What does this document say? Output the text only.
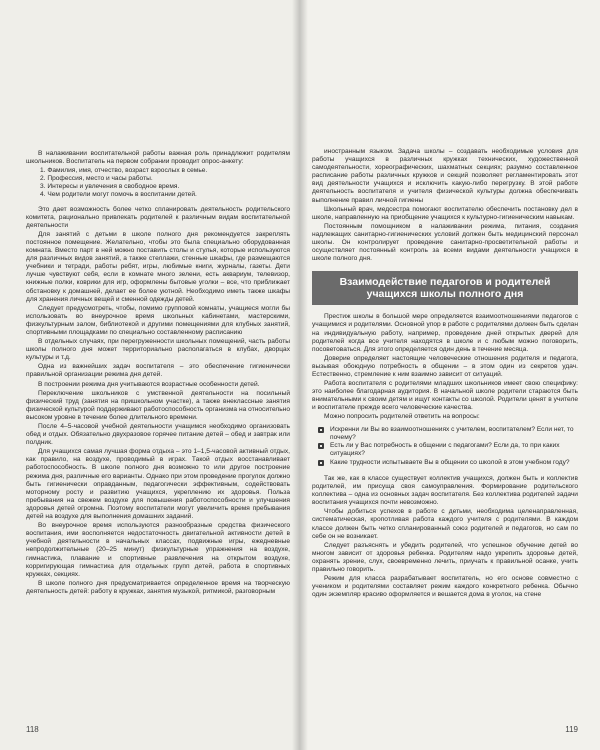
В налаживании воспитательной работы важная роль принадлежит родителям школьников. Воспитатель на первом собрании проводит опрос-анкету:

1. Фамилия, имя, отчество, возраст взрослых в семье.
2. Профессия, место и часы работы.
3. Интересы и увлечения в свободное время.
4. Чем родители могут помочь в воспитании детей.

Это дает возможность более четко спланировать деятельность родительского комитета, рационально привлекать родителей к различным видам воспитательной деятельности

Для занятий с детьми в школе полного дня рекомендуется закреплять постоянное помещение. Желательно, чтобы это была специально оборудованная комната. Вместо парт в ней можно поставить столы и стулья, которые используются для различных видов занятий, а также стеллажи, стенные шкафы, где размещаются учебники и тетради, работы ребят, игры, любимые книги, журналы, газеты. Дети лучше чувствуют себя, если в комнате много зелени, есть аквариум, телевизор, книжные полки, коврики для игр, оформлены бытовые уголки – все, что приближает обстановку к домашней, делает ее более уютной. Необходимо иметь также шкафы для хранения личных вещей и сменной одежды детей.

Следует предусмотреть, чтобы, помимо групповой комнаты, учащиеся могли бы использовать во внеурочное время школьных кабинетами, мастерскими, физкультурным залом, библиотекой и другими помещениями для клубных занятий, спортивными площадками по специально составленному расписанию

В отдельных случаях, при перегруженности школьных помещений, часть работы школы полного дня может территориально располагаться в клубах, дворцах культуры и т.д.

Одна из важнейших задач воспитателя – это обеспечение гигиенически правильной организации режима дня детей.

В построении режима дня учитываются возрастные особенности детей.

Переключение школьников с умственной деятельности на посильный физический труд (занятия на пришкольном участке), а также внеклассные занятия физической культурой поддерживают работоспособность организма на относительно высоком уровне в течение более длительного времени.

После 4–5-часовой учебной деятельности учащимся необходимо организовать обед и отдых. Обязательно двухразовое горячее питание детей – обед и завтрак или полдник.

Для учащихся самая лучшая форма отдыха – это 1–1,5-часовой активный отдых, как правило, на воздухе, проводимый в играх. Такой отдых восстанавливает работоспособность. В школе полного дня возможно то или другое построение режима дня, различные его варианты. Однако при этом проведение прогулок должно быть гигиенически оправданным, педагогически эффективным, содействовать моторному росту и развитию учащихся, укреплению их здоровья. Польза пребывания на свежем воздухе для повышения работоспособности и улучшения здоровья детей огромна. Поэтому воспитатели могут увеличить время пребывания детей на воздухе для выполнения домашних заданий.

Во внеурочное время используются разнообразные средства физического воспитания, ими восполняется недостаточность двигательной активности детей в учебной деятельности в начальных классах, подвижные игры, ежедневные непродолжительные (20–25 минут) физкультурные упражнения на воздухе, гимнастика, плавание и спортивные развлечения на открытом воздухе, корригирующая гимнастика для отдельных групп детей, работа в спортивных кружках, секциях.

В школе полного дня предусматривается определенное время на творческую деятельность детей: работу в кружках, занятия музыкой, ритмикой, разговорным

118

иностранным языком. Задача школы – создавать необходимые условия для работы учащихся в различных кружках технических, художественной самодеятельности, хореографических, шахматных секциях; разумно составленное расписание работы различных кружков и секций позволяет регламентировать этот вид деятельности учащихся и исключить какую-либо перегрузку. В этой работе деятельность воспитателя и учителя физической культуры должна обеспечивать выполнение правил личной гигиены

Школьный врач, медсестра помогают воспитателю обеспечить постановку дел в школе, направленную на приобщение учащихся к культурно-гигиеническим навыкам.

Постоянным помощником в налаживании режима, питания, создания надлежащих санитарно-гигиенических условий должен быть медицинский персонал школы. Он контролирует проведение санитарно-просветительной работы и осуществляет постоянный контроль за всеми видами деятельности учащихся в школе полного дня.

Взаимодействие педагогов и родителей учащихся школы полного дня

Престиж школы в большой мере определяется взаимоотношениями педагогов с учащимися и родителями. Основной упор в работе с родителями должен быть сделан на индивидуальную работу, например, проведение дней открытых дверей для родителей когда все учителя находятся в школе и с любым можно поговорить, посоветоваться. Для этого определяется один день в течение месяца.

Доверие определяет настоящие человеческие отношения родителя и педагога, вызывая обоюдную потребность в общении – в этом один из секретов удач. Естественно, стремление к ним взаимно зависит от ситуаций.

Работа воспитателя с родителями младших школьников имеет свою специфику: это наиболее благодарная аудитория. В начальной школе родители стараются быть внимательными к своим детям и ищут контакты со школой. Родители ценят в учителе и воспитателе прежде всего человеческие качества.

Можно попросить родителей ответить на вопросы:

Искренни ли Вы во взаимоотношениях с учителем, воспитателем? Если нет, то почему?
Есть ли у Вас потребность в общении с педагогами? Если да, то при каких ситуациях?
Какие трудности испытываете Вы в общении со школой в этом учебном году?

Так же, как в классе существует коллектив учащихся, должен быть и коллектив родителей, им присуща своя самоуправления. Формирование родительского коллектива – одна из основных задач воспитателя. Без коллектива родителей задачи воспитания учащихся почти невозможно.

Чтобы добиться успехов в работе с детьми, необходима целенаправленная, систематическая, кропотливая работа каждого учителя с родителями. В каждом классе должен быть четко спланированный союз родителей и педагогов, но сам по себе он не возникает.

Следует разъяснять и убедить родителей, что успешное обучение детей во многом зависит от здоровья ребенка. Родителям надо укрепить здоровье детей, охранять зрение, слух, своевременно лечить, приучать к правильной осанке, учить правильно говорить.

Режим для класса разрабатывает воспитатель, но его основе совместно с учеником и родителями составляет режим каждого конкретного ребенка. Обычно один экземпляр красиво оформляется и вешается дома в уголок, на стене

119
